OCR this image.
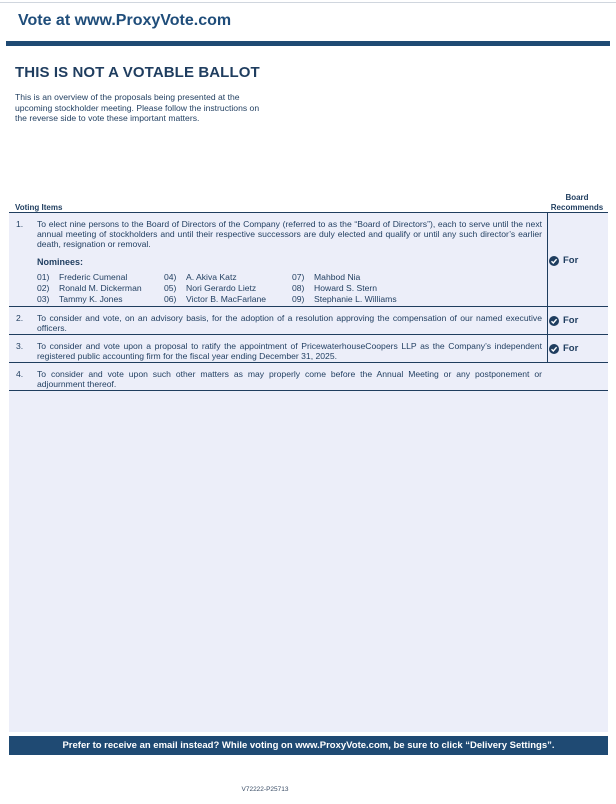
Vote at www.ProxyVote.com
THIS IS NOT A VOTABLE BALLOT
This is an overview of the proposals being presented at the
upcoming stockholder meeting. Please follow the instructions on
the reverse side to vote these important matters.
Voting Items
Board
Recommends
1. To elect nine persons to the Board of Directors of the Company (referred to as the “Board of Directors”), each to serve until the next annual meeting of stockholders and until their respective successors are duly elected and qualify or until any such director’s earlier death, resignation or removal.
Nominees:
01) Frederic Cumenal
02) Ronald M. Dickerman
03) Tammy K. Jones
04) A. Akiva Katz
05) Nori Gerardo Lietz
06) Victor B. MacFarlane
07) Mahbod Nia
08) Howard S. Stern
09) Stephanie L. Williams
For
2. To consider and vote, on an advisory basis, for the adoption of a resolution approving the compensation of our named executive officers.
For
3. To consider and vote upon a proposal to ratify the appointment of PricewaterhouseCoopers LLP as the Company’s independent registered public accounting firm for the fiscal year ending December 31, 2025.
For
4. To consider and vote upon such other matters as may properly come before the Annual Meeting or any postponement or adjournment thereof.
Prefer to receive an email instead? While voting on www.ProxyVote.com, be sure to click “Delivery Settings”.
V72222-P25713
